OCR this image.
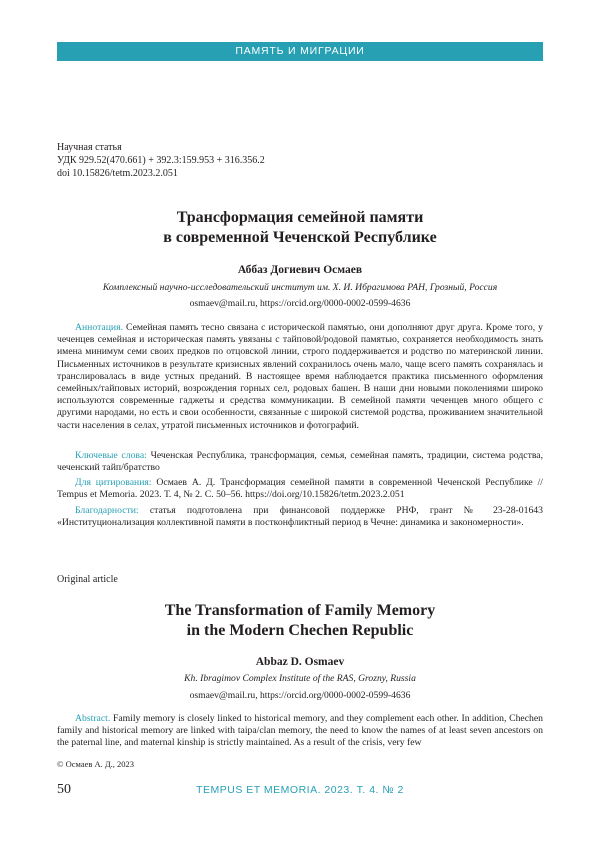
ПАМЯТЬ И МИГРАЦИИ
Научная статья
УДК 929.52(470.661) + 392.3:159.953 + 316.356.2
doi 10.15826/tetm.2023.2.051
Трансформация семейной памяти
в современной Чеченской Республике
Аббаз Догиевич Осмаев
Комплексный научно-исследовательский институт им. Х. И. Ибрагимова РАН, Грозный, Россия
osmaev@mail.ru, https://orcid.org/0000-0002-0599-4636
Аннотация. Семейная память тесно связана с исторической памятью, они дополняют друг друга. Кроме того, у чеченцев семейная и историческая память увязаны с тайповой/родовой памятью, сохраняется необходимость знать имена минимум семи своих предков по отцовской линии, строго поддерживается и родство по материнской линии. Письменных источников в результате кризисных явлений сохранилось очень мало, чаще всего память сохранялась и транслировалась в виде устных преданий. В настоящее время наблюдается практика письменного оформления семейных/тайповых историй, возрождения горных сел, родовых башен. В наши дни новыми поколениями широко используются современные гаджеты и средства коммуникации. В семейной памяти чеченцев много общего с другими народами, но есть и свои особенности, связанные с широкой системой родства, проживанием значительной части населения в селах, утратой письменных источников и фотографий.
Ключевые слова: Чеченская Республика, трансформация, семья, семейная память, традиции, система родства, чеченский тайп/братство
Для цитирования: Осмаев А. Д. Трансформация семейной памяти в современной Чеченской Республике // Tempus et Memoria. 2023. Т. 4, № 2. С. 50–56. https://doi.org/10.15826/tetm.2023.2.051
Благодарности: статья подготовлена при финансовой поддержке РНФ, грант № 23-28-01643 «Институционализация коллективной памяти в постконфликтный период в Чечне: динамика и закономерности».
Original article
The Transformation of Family Memory
in the Modern Chechen Republic
Abbaz D. Osmaev
Kh. Ibragimov Complex Institute of the RAS, Grozny, Russia
osmaev@mail.ru, https://orcid.org/0000-0002-0599-4636
Abstract. Family memory is closely linked to historical memory, and they complement each other. In addition, Chechen family and historical memory are linked with taipa/clan memory, the need to know the names of at least seven ancestors on the paternal line, and maternal kinship is strictly maintained. As a result of the crisis, very few
© Осмаев А. Д., 2023
50	TEMPUS ET MEMORIA. 2023. Т. 4. № 2
